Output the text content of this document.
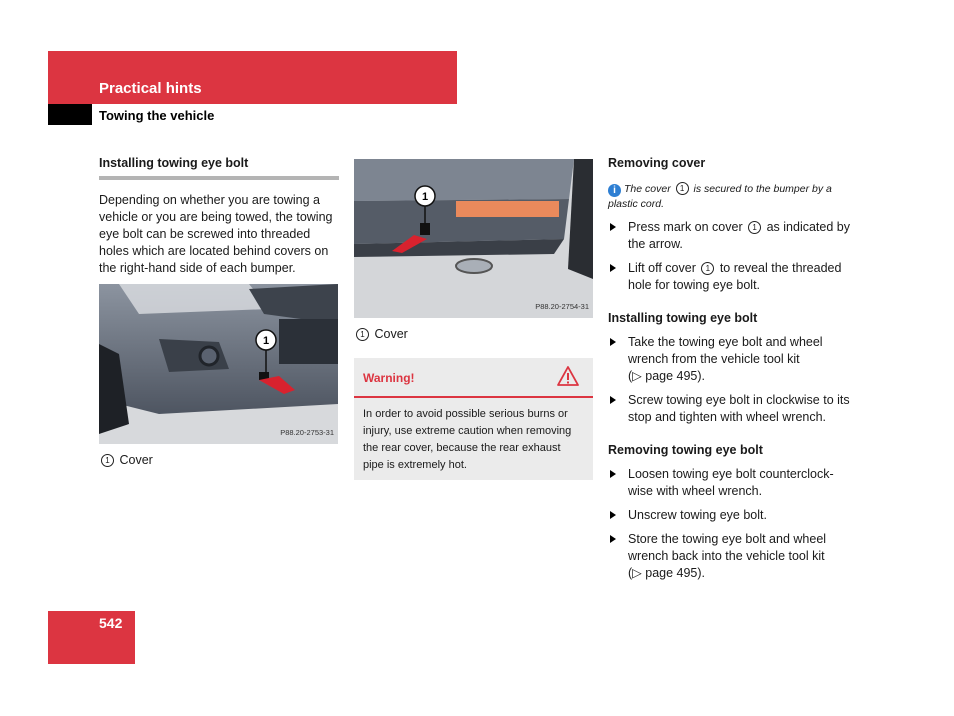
Practical hints
Towing the vehicle
Installing towing eye bolt

Depending on whether you are towing a vehicle or you are being towed, the towing eye bolt can be screwed into threaded holes which are located behind covers on the right-hand side of each bumper.

1
P88.20-2753-31
1 Cover
1
P88.20-2754-31
1 Cover
Warning!
In order to avoid possible serious burns or injury, use extreme caution when removing the rear cover, because the rear exhaust pipe is extremely hot.
Removing cover
i The cover 1 is secured to the bumper by a plastic cord.
Press mark on cover 1 as indicated by the arrow.
Lift off cover 1 to reveal the threaded hole for towing eye bolt.
Installing towing eye bolt
Take the towing eye bolt and wheel wrench from the vehicle tool kit
(▷ page 495).
Screw towing eye bolt in clockwise to its stop and tighten with wheel wrench.
Removing towing eye bolt
Loosen towing eye bolt counterclock-wise with wheel wrench.
Unscrew towing eye bolt.
Store the towing eye bolt and wheel wrench back into the vehicle tool kit
(▷ page 495).
542
